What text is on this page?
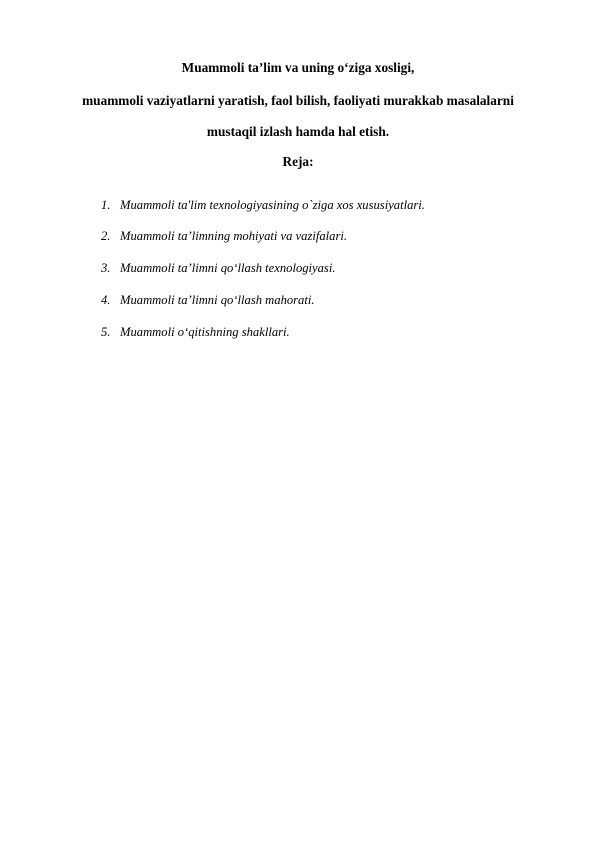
Muammoli ta’lim va uning o‘ziga xosligi,
muammoli vaziyatlarni yaratish, faol bilish, faoliyati murakkab masalalarni
mustaqil izlash hamda hal etish.
Reja:
1. Muammoli ta'lim texnologiyasining o`ziga xos xususiyatlari.
2. Muammoli ta’limning mohiyati va vazifalari.
3. Muammoli ta’limni qo‘llash texnologiyasi.
4. Muammoli ta’limni qo‘llash mahorati.
5. Muammoli o‘qitishning shakllari.
